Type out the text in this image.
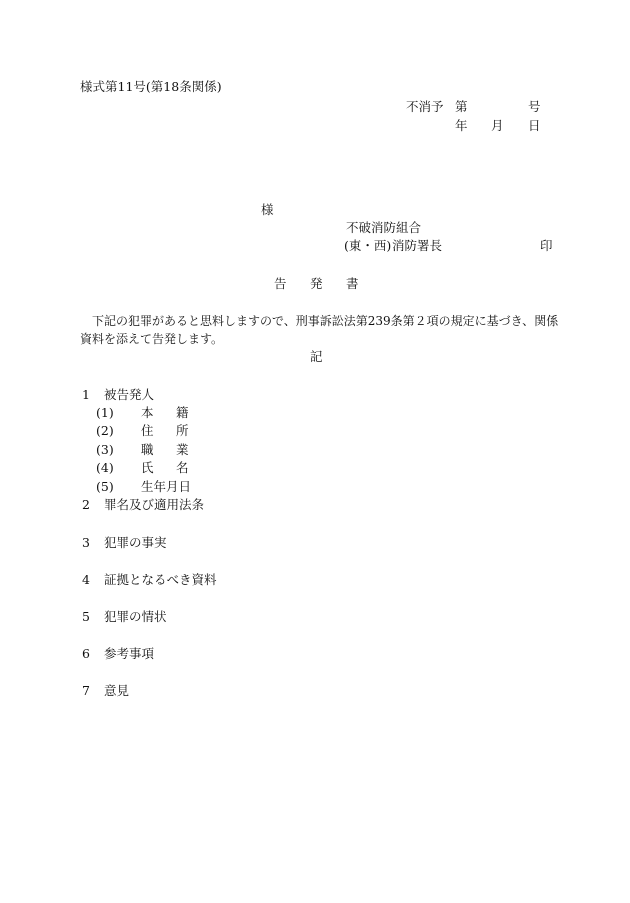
様式第11号(第18条関係)
不消予 第	号
年 月 日
様
不破消防組合
(東・西) 消防署長	印
告 発 書
下記の犯罪があると思料しますので、刑事訴訟法第239条第２項の規定に基づき、関係
資料を添えて告発します。
記
1 被告発人
(1) 本 籍
(2) 住 所
(3) 職 業
(4) 氏 名
(5) 生年月日
2 罪名及び適用法条
3 犯罪の事実
4 証拠となるべき資料
5 犯罪の情状
6 参考事項
7 意見
